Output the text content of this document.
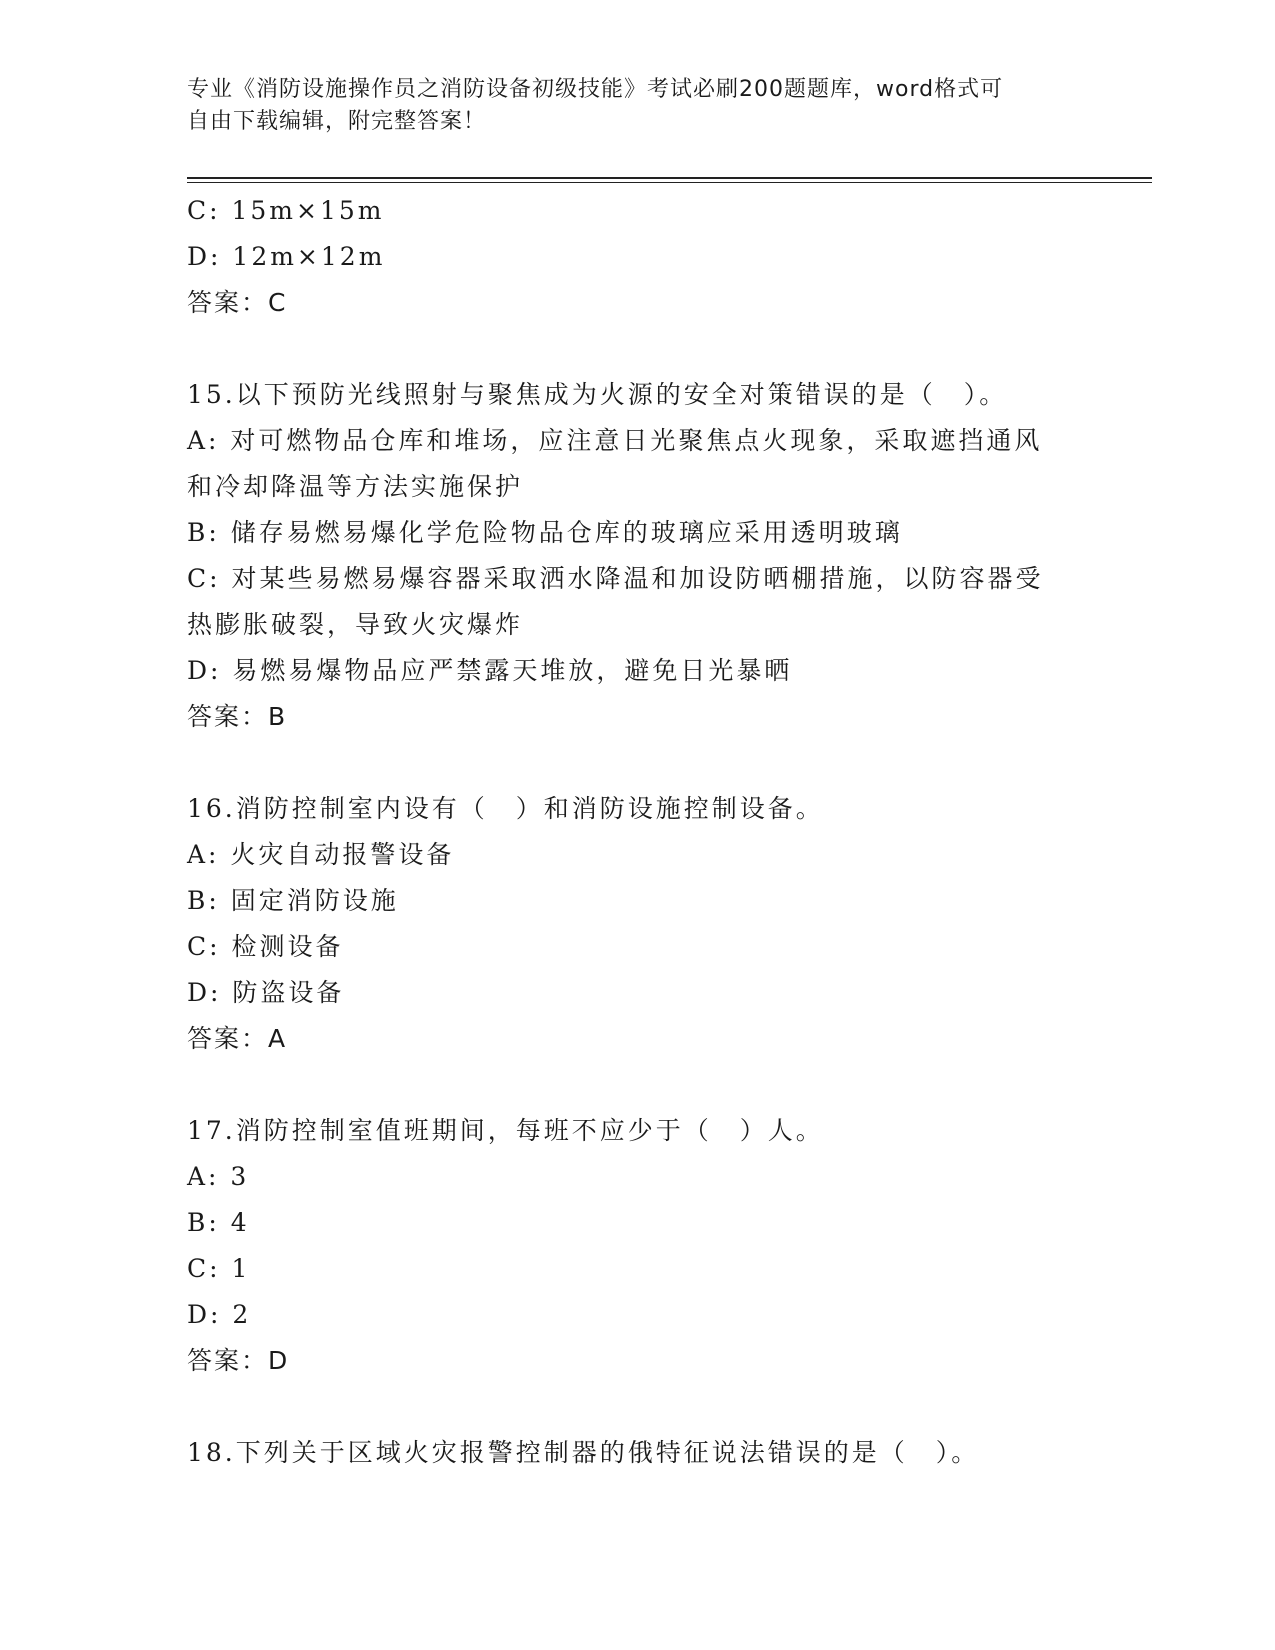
专业《消防设施操作员之消防设备初级技能》考试必刷200题题库，word格式可
自由下载编辑，附完整答案！
C: 15m×15m
D: 12m×12m
答案：C
15.以下预防光线照射与聚焦成为火源的安全对策错误的是（　）。
A: 对可燃物品仓库和堆场，应注意日光聚焦点火现象，采取遮挡通风
和冷却降温等方法实施保护
B: 储存易燃易爆化学危险物品仓库的玻璃应采用透明玻璃
C: 对某些易燃易爆容器采取洒水降温和加设防晒棚措施，以防容器受
热膨胀破裂，导致火灾爆炸
D: 易燃易爆物品应严禁露天堆放，避免日光暴晒
答案：B
16.消防控制室内设有（　）和消防设施控制设备。
A: 火灾自动报警设备
B: 固定消防设施
C: 检测设备
D: 防盗设备
答案：A
17.消防控制室值班期间，每班不应少于（　）人。
A: 3
B: 4
C: 1
D: 2
答案：D
18.下列关于区域火灾报警控制器的俄特征说法错误的是（　）。
